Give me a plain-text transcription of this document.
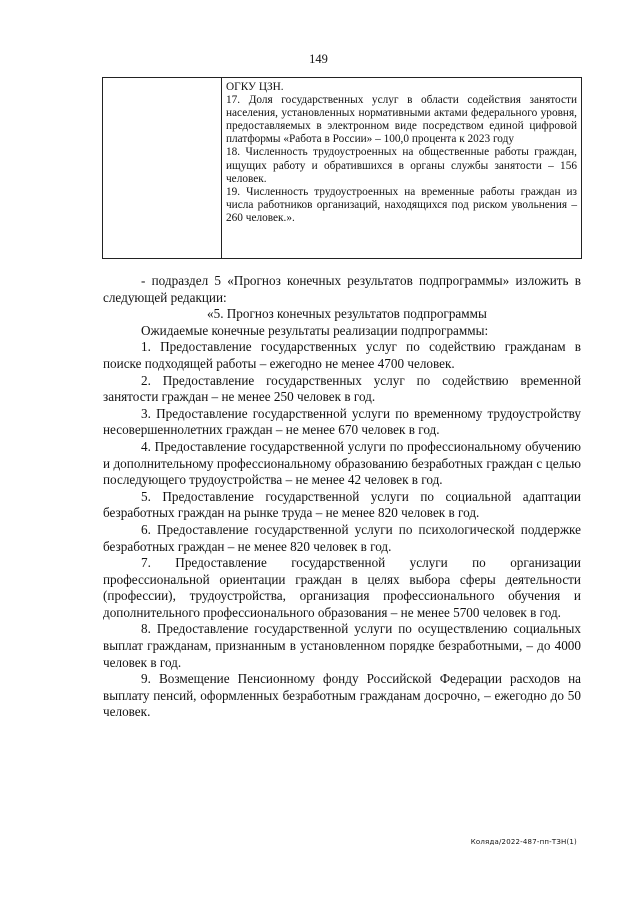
149

ОГКУ ЦЗН.

17. Доля государственных услуг в области содействия занятости населения, установленных нормативными актами федерального уровня, предоставляемых в электронном виде посредством единой цифровой платформы «Работа в России» – 100,0 процента к 2023 году

18. Численность трудоустроенных на общественные работы граждан, ищущих работу и обратившихся в органы службы занятости – 156 человек.

19. Численность трудоустроенных на временные работы граждан из числа работников организаций, находящихся под риском увольнения – 260 человек.».

- подраздел 5 «Прогноз конечных результатов подпрограммы» изложить в следующей редакции:

«5. Прогноз конечных результатов подпрограммы

Ожидаемые конечные результаты реализации подпрограммы:

1. Предоставление государственных услуг по содействию гражданам в поиске подходящей работы – ежегодно не менее 4700 человек.

2. Предоставление государственных услуг по содействию временной занятости граждан – не менее 250 человек в год.

3. Предоставление государственной услуги по временному трудоустройству несовершеннолетних граждан – не менее 670 человек в год.

4. Предоставление государственной услуги по профессиональному обучению и дополнительному профессиональному образованию безработных граждан с целью последующего трудоустройства – не менее 42 человек в год.

5. Предоставление государственной услуги по социальной адаптации безработных граждан на рынке труда – не менее 820 человек в год.

6. Предоставление государственной услуги по психологической поддержке безработных граждан – не менее 820 человек в год.

7. Предоставление государственной услуги по организации профессиональной ориентации граждан в целях выбора сферы деятельности (профессии), трудоустройства, организация профессионального обучения и дополнительного профессионального образования – не менее 5700 человек в год.

8. Предоставление государственной услуги по осуществлению социальных выплат гражданам, признанным в установленном порядке безработными, – до 4000 человек в год.

9. Возмещение Пенсионному фонду Российской Федерации расходов на выплату пенсий, оформленных безработным гражданам досрочно, – ежегодно до 50 человек.

Коляда/2022-487-пп-ТЗН(1)
